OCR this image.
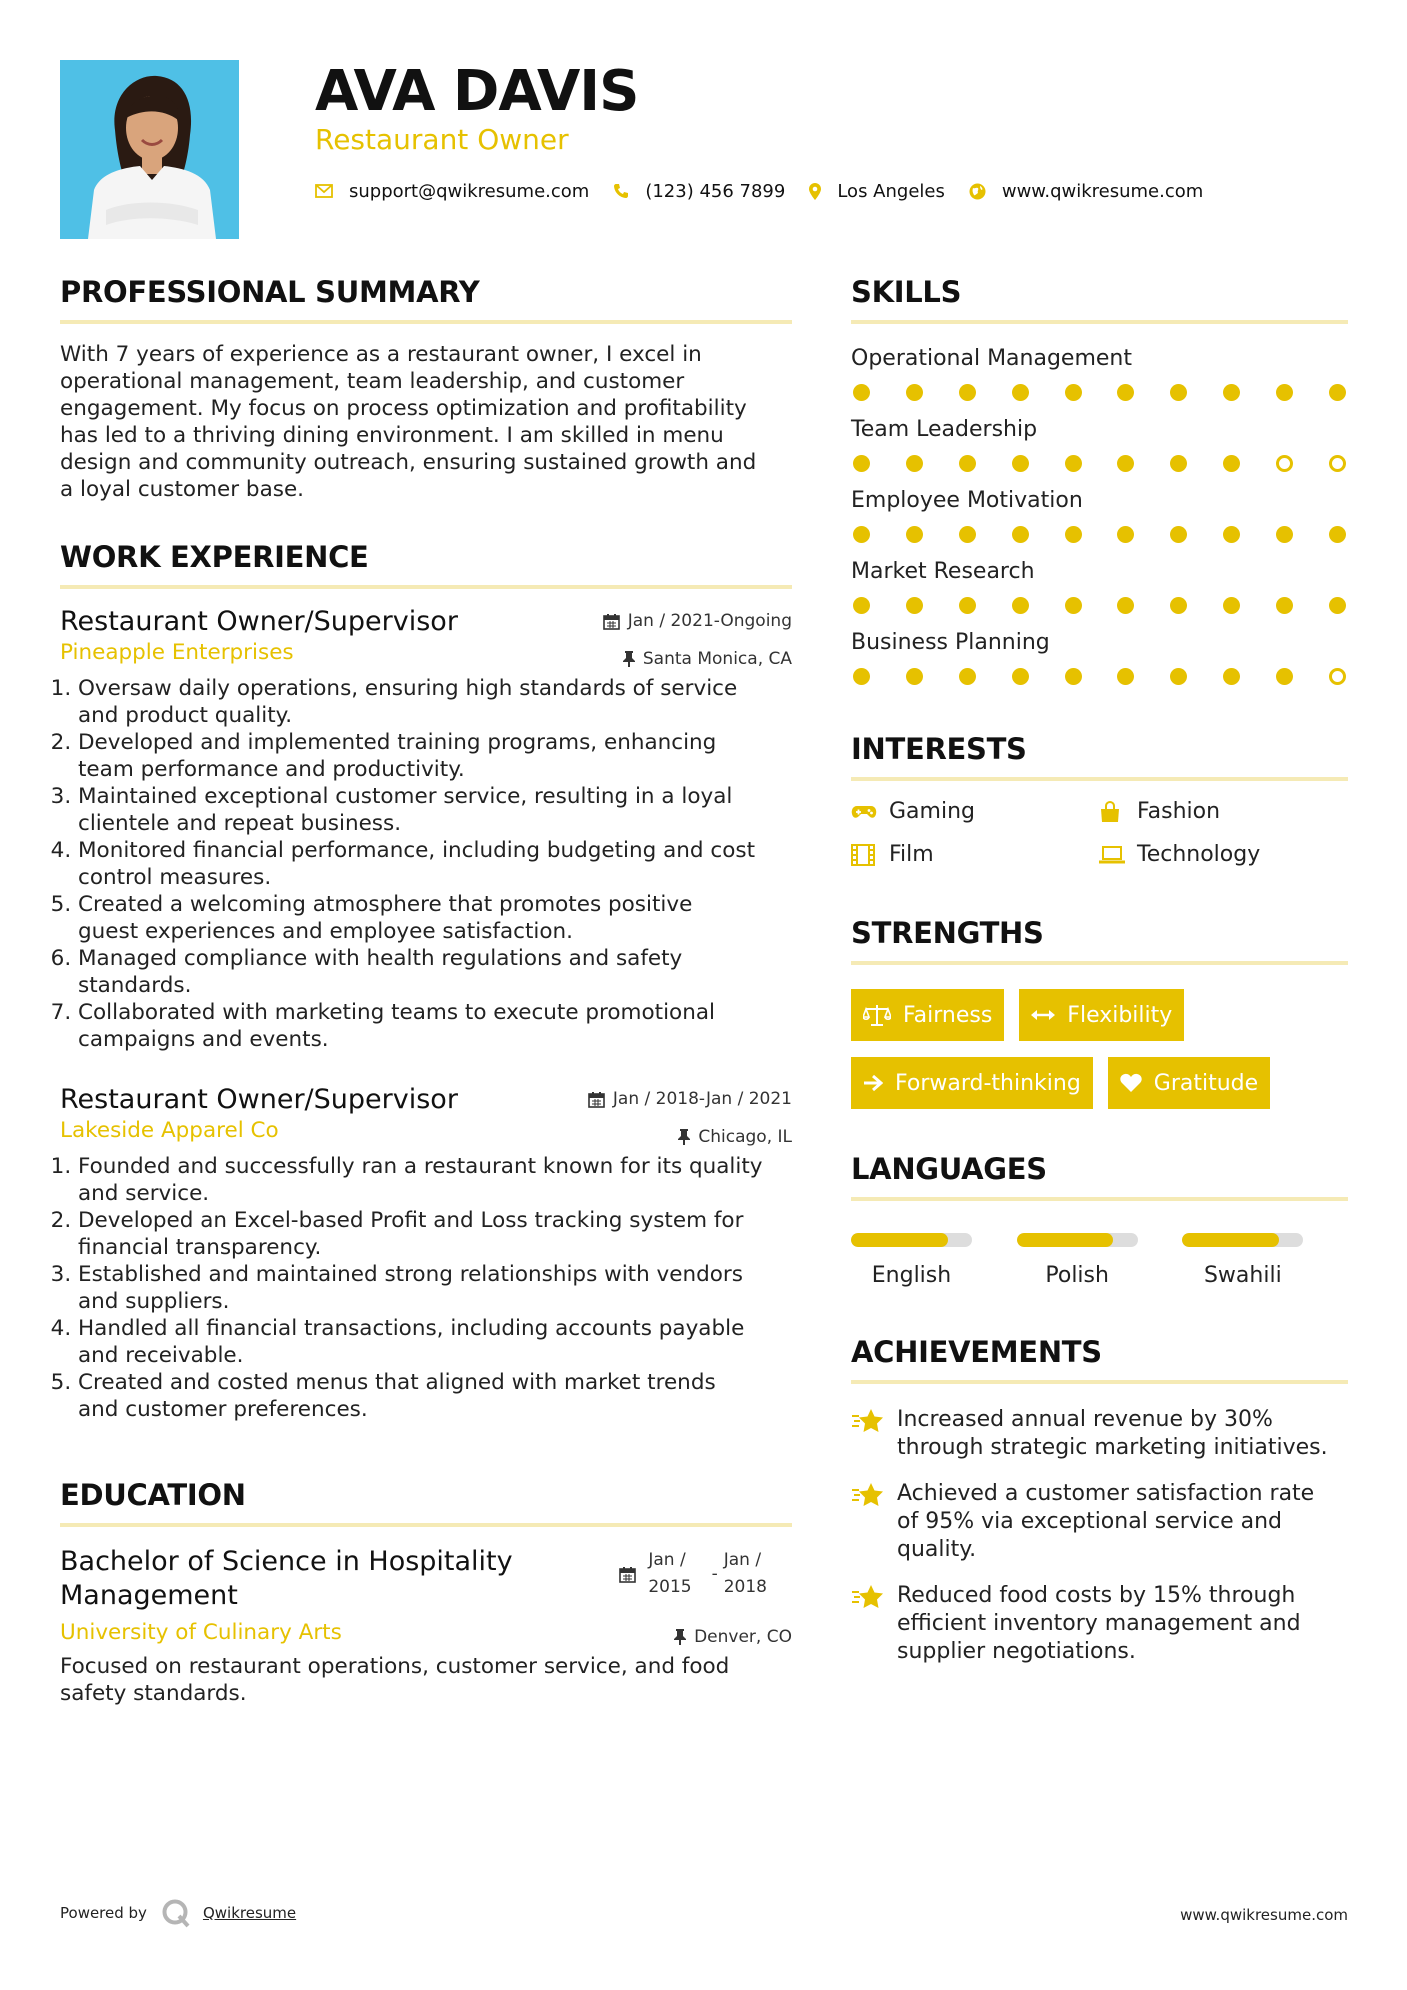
AVA DAVIS
Restaurant Owner
support@qwikresume.com	(123) 456 7899	Los Angeles	www.qwikresume.com
PROFESSIONAL SUMMARY
With 7 years of experience as a restaurant owner, I excel in
operational management, team leadership, and customer
engagement. My focus on process optimization and profitability
has led to a thriving dining environment. I am skilled in menu
design and community outreach, ensuring sustained growth and
a loyal customer base.
WORK EXPERIENCE
Restaurant Owner/Supervisor
Pineapple Enterprises
Jan / 2021-Ongoing
Santa Monica, CA
1. Oversaw daily operations, ensuring high standards of service
and product quality.
2. Developed and implemented training programs, enhancing
team performance and productivity.
3. Maintained exceptional customer service, resulting in a loyal
clientele and repeat business.
4. Monitored financial performance, including budgeting and cost
control measures.
5. Created a welcoming atmosphere that promotes positive
guest experiences and employee satisfaction.
6. Managed compliance with health regulations and safety
standards.
7. Collaborated with marketing teams to execute promotional
campaigns and events.
Restaurant Owner/Supervisor
Lakeside Apparel Co
Jan / 2018-Jan / 2021
Chicago, IL
1. Founded and successfully ran a restaurant known for its quality
and service.
2. Developed an Excel-based Profit and Loss tracking system for
financial transparency.
3. Established and maintained strong relationships with vendors
and suppliers.
4. Handled all financial transactions, including accounts payable
and receivable.
5. Created and costed menus that aligned with market trends
and customer preferences.
EDUCATION
Bachelor of Science in Hospitality
Management
University of Culinary Arts
Jan /
2015
-
Jan /
2018
Denver, CO
Focused on restaurant operations, customer service, and food
safety standards.
SKILLS
Operational Management
Team Leadership
Employee Motivation
Market Research
Business Planning
INTERESTS
Gaming	Fashion
Film	Technology
STRENGTHS
Fairness	Flexibility
Forward-thinking	Gratitude
LANGUAGES
English	Polish	Swahili
ACHIEVEMENTS
Increased annual revenue by 30%
through strategic marketing initiatives.
Achieved a customer satisfaction rate
of 95% via exceptional service and
quality.
Reduced food costs by 15% through
efficient inventory management and
supplier negotiations.
Powered by	Qwikresume	www.qwikresume.com
